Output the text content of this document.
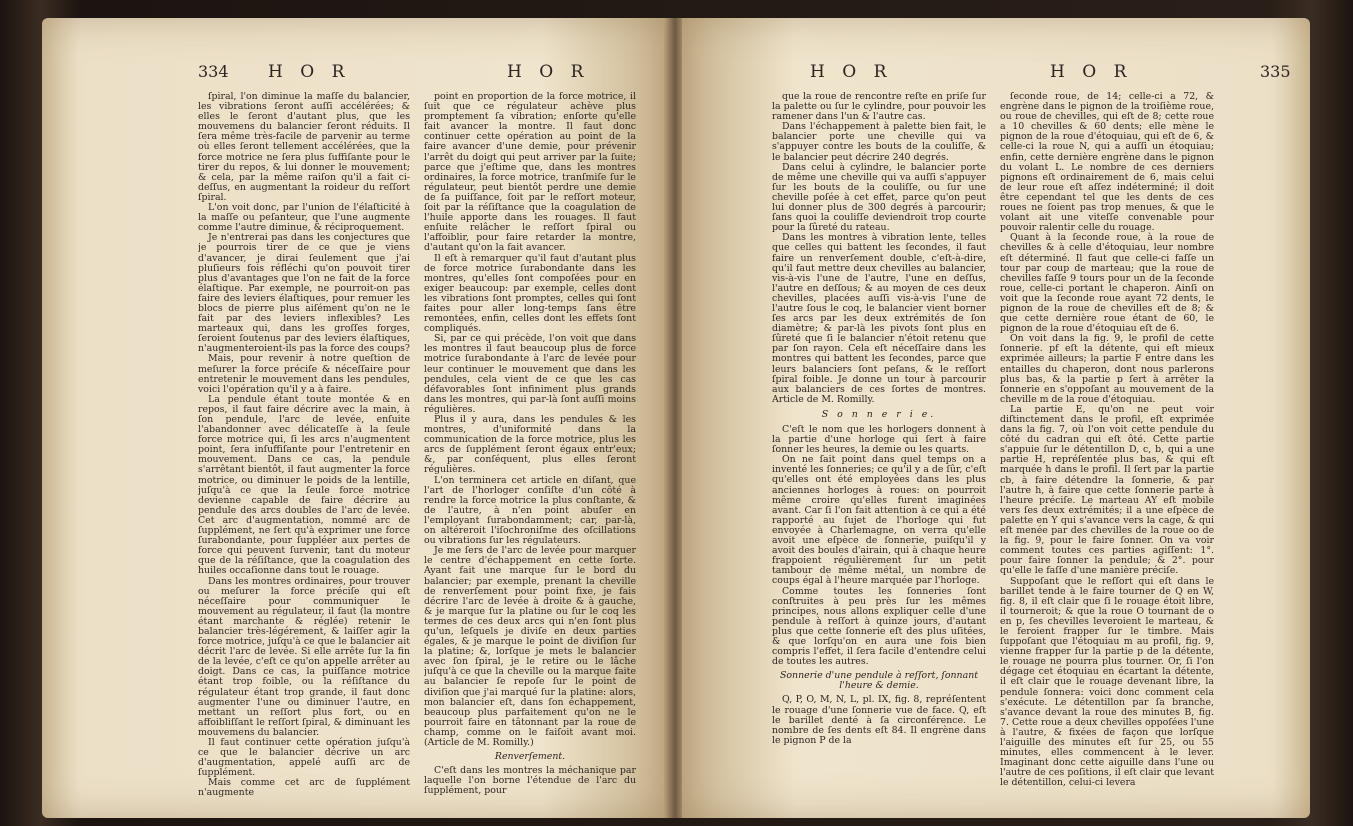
334 H O R	H O R

ſpiral, l'on diminue la maſſe du balancier, les vibrations ſeront auſſi accélérées; & elles le ſeront d'autant plus, que les mouvemens du balancier ſeront réduits. Il ſera même très-facile de parvenir au terme où elles ſeront tellement accélérées, que la force motrice ne ſera plus ſuffiſante pour le tirer du repos, & lui donner le mouvement; & cela, par la même raiſon qu'il a fait ci-deſſus, en augmentant la roideur du reſſort ſpiral.

L'on voit donc, par l'union de l'élaſticité à la maſſe ou peſanteur, que l'une augmente comme l'autre diminue, & réciproquement.

Je n'entrerai pas dans les conjectures que je pourrois tirer de ce que je viens d'avancer, je dirai ſeulement que j'ai pluſieurs fois réfléchi qu'on pouvoit tirer plus d'avantages que l'on ne fait de la force élaſtique. Par exemple, ne pourroit-on pas faire des leviers élaſtiques, pour remuer les blocs de pierre plus aiſément qu'on ne le fait par des leviers inflexibles? Les marteaux qui, dans les groſſes forges, ſeroient ſoutenus par des leviers élaſtiques, n'augmenteroient-ils pas la force des coups?

Mais, pour revenir à notre queſtion de meſurer la force préciſe & néceſſaire pour entretenir le mouvement dans les pendules, voici l'opération qu'il y a à faire.

La pendule étant toute montée & en repos, il faut faire décrire avec la main, à ſon pendule, l'arc de levée, enſuite l'abandonner avec délicateſſe à la ſeule force motrice qui, ſi les arcs n'augmentent point, ſera inſuffiſante pour l'entretenir en mouvement. Dans ce cas, la pendule s'arrêtant bientôt, il faut augmenter la force motrice, ou diminuer le poids de la lentille, juſqu'à ce que la ſeule force motrice devienne capable de faire décrire au pendule des arcs doubles de l'arc de levée. Cet arc d'augmentation, nommé arc de ſupplément, ne ſert qu'à exprimer une force ſurabondante, pour ſuppléer aux pertes de force qui peuvent ſurvenir, tant du moteur que de la réſiſtance, que la coagulation des huiles occaſionne dans tout le rouage.

Dans les montres ordinaires, pour trouver ou meſurer la force préciſe qui eſt néceſſaire pour communiquer le mouvement au régulateur, il faut (la montre étant marchante & réglée) retenir le balancier très-légérement, & laiſſer agir la force motrice, juſqu'à ce que le balancier ait décrit l'arc de levée. Si elle arrête ſur la fin de la levée, c'eſt ce qu'on appelle arrêter au doigt. Dans ce cas, la puiſſance motrice étant trop foible, ou la réſiſtance du régulateur étant trop grande, il faut donc augmenter l'une ou diminuer l'autre, en mettant un reſſort plus fort, ou en affoibliſſant le reſſort ſpiral, & diminuant les mouvemens du balancier.

Il faut continuer cette opération juſqu'à ce que le balancier décrive un arc d'augmentation, appelé auſſi arc de ſupplément.

Mais comme cet arc de ſupplément n'augmente

point en proportion de la force motrice, il ſuit que ce régulateur achève plus promptement ſa vibration; enſorte qu'elle fait avancer la montre. Il faut donc continuer cette opération au point de la faire avancer d'une demie, pour prévenir l'arrêt du doigt qui peut arriver par la ſuite; parce que j'eſtime que, dans les montres ordinaires, la force motrice, tranſmiſe ſur le régulateur, peut bientôt perdre une demie de ſa puiſſance, ſoit par le reſſort moteur, ſoit par la réſiſtance que la coagulation de l'huile apporte dans les rouages. Il faut enſuite relâcher le reſſort ſpiral ou l'affoiblir, pour faire retarder la montre, d'autant qu'on la fait avancer.

Il eſt à remarquer qu'il faut d'autant plus de force motrice ſurabondante dans les montres, qu'elles ſont compoſées pour en exiger beaucoup: par exemple, celles dont les vibrations ſont promptes, celles qui ſont faites pour aller long-temps ſans être remontées, enfin, celles dont les effets ſont compliqués.

Si, par ce qui précède, l'on voit que dans les montres il faut beaucoup plus de force motrice ſurabondante à l'arc de levée pour leur continuer le mouvement que dans les pendules, cela vient de ce que les cas défavorables ſont infiniment plus grands dans les montres, qui par-là ſont auſſi moins régulières.

Plus il y aura, dans les pendules & les montres, d'uniformité dans la communication de la force motrice, plus les arcs de ſupplément ſeront égaux entr'eux; &, par conſéquent, plus elles ſeront régulières.

L'on terminera cet article en diſant, que l'art de l'horloger conſiſte d'un côté à rendre la force motrice la plus conſtante, & de l'autre, à n'en point abuſer en l'employant ſurabondamment; car, par-là, on altéreroit l'iſochroniſme des oſcillations ou vibrations ſur les régulateurs.

Je me ſers de l'arc de levée pour marquer le centre d'échappement en cette ſorte. Ayant fait une marque ſur le bord du balancier; par exemple, prenant la cheville de renverſement pour point fixe, je fais décrire l'arc de levée à droite & à gauche, & je marque ſur la platine ou ſur le coq les termes de ces deux arcs qui n'en ſont plus qu'un, leſquels je diviſe en deux parties égales, & je marque le point de diviſion ſur la platine; &, lorſque je mets le balancier avec ſon ſpiral, je le retire ou le lâche juſqu'à ce que la cheville ou la marque faite au balancier ſe repoſe ſur le point de diviſion que j'ai marqué ſur la platine: alors, mon balancier eſt, dans ſon échappement, beaucoup plus parfaitement qu'on ne le pourroit faire en tâtonnant par la roue de champ, comme on le faiſoit avant moi. (Article de M. Romilly.)

Renverſement.

C'eſt dans les montres la méchanique par laquelle l'on borne l'étendue de l'arc du ſupplément, pour

H O R	H O R	335

que la roue de rencontre reſte en priſe ſur la palette ou ſur le cylindre, pour pouvoir les ramener dans l'un & l'autre cas.

Dans l'échappement à palette bien fait, le balancier porte une cheville qui va s'appuyer contre les bouts de la couliſſe, & le balancier peut décrire 240 degrés.

Dans celui à cylindre, le balancier porte de même une cheville qui va auſſi s'appuyer ſur les bouts de la couliſſe, ou ſur une cheville poſée à cet effet, parce qu'on peut lui donner plus de 300 degrés à parcourir; ſans quoi la couliſſe deviendroit trop courte pour la ſûreté du rateau.

Dans les montres à vibration lente, telles que celles qui battent les ſecondes, il faut faire un renverſement double, c'eſt-à-dire, qu'il faut mettre deux chevilles au balancier, vis-à-vis l'une de l'autre, l'une en deſſus, l'autre en deſſous; & au moyen de ces deux chevilles, placées auſſi vis-à-vis l'une de l'autre ſous le coq, le balancier vient borner ſes arcs par les deux extrémités de ſon diamètre; & par-là les pivots ſont plus en ſûreté que ſi le balancier n'étoit retenu que par ſon rayon. Cela eſt néceſſaire dans les montres qui battent les ſecondes, parce que leurs balanciers ſont peſans, & le reſſort ſpiral foible. Je donne un tour à parcourir aux balanciers de ces ſortes de montres. Article de M. Romilly.

S o n n e r i e.

C'eſt le nom que les horlogers donnent à la partie d'une horloge qui ſert à faire ſonner les heures, la demie ou les quarts.

On ne ſait point dans quel temps on a inventé les ſonneries; ce qu'il y a de ſûr, c'eſt qu'elles ont été employées dans les plus anciennes horloges à roues: on pourroit même croire qu'elles furent imaginées avant. Car ſi l'on fait attention à ce qui a été rapporté au ſujet de l'horloge qui fut envoyée à Charlemagne, on verra qu'elle avoit une eſpèce de ſonnerie, puiſqu'il y avoit des boules d'airain, qui à chaque heure frappoient régulièrement ſur un petit tambour de même métal, un nombre de coups égal à l'heure marquée par l'horloge.

Comme toutes les ſonneries ſont conſtruites à peu près ſur les mêmes principes, nous allons expliquer celle d'une pendule à reſſort à quinze jours, d'autant plus que cette ſonnerie eſt des plus uſitées, & que lorſqu'on en aura une fois bien compris l'effet, il ſera facile d'entendre celui de toutes les autres.

Sonnerie d'une pendule à reſſort, ſonnant l'heure & demie.

Q, P, O, M, N, L, pl. IX, fig. 8, repréſentent le rouage d'une ſonnerie vue de face. Q, eſt le barillet denté à ſa circonférence. Le nombre de ſes dents eſt 84. Il engrène dans le pignon P de la

ſeconde roue, de 14; celle-ci a 72, & engrène dans le pignon de la troiſième roue, ou roue de chevilles, qui eſt de 8; cette roue a 10 chevilles & 60 dents; elle mène le pignon de la roue d'étoquiau, qui eſt de 6, & celle-ci la roue N, qui a auſſi un étoquiau; enfin, cette dernière engrène dans le pignon du volant L. Le nombre de ces derniers pignons eſt ordinairement de 6, mais celui de leur roue eſt aſſez indéterminé; il doit être cependant tel que les dents de ces roues ne ſoient pas trop menues, & que le volant ait une viteſſe convenable pour pouvoir ralentir celle du rouage.

Quant à la ſeconde roue, à la roue de chevilles & à celle d'étoquiau, leur nombre eſt déterminé. Il faut que celle-ci faſſe un tour par coup de marteau; que la roue de chevilles faſſe 9 tours pour un de la ſeconde roue, celle-ci portant le chaperon. Ainſi on voit que la ſeconde roue ayant 72 dents, le pignon de la roue de chevilles eſt de 8; & que cette dernière roue étant de 60, le pignon de la roue d'étoquiau eſt de 6.

On voit dans la fig. 9, le profil de cette ſonnerie. pf eſt la détente, qui eſt mieux exprimée ailleurs; la partie F entre dans les entailles du chaperon, dont nous parlerons plus bas, & la partie p ſert à arrêter la ſonnerie en s'oppoſant au mouvement de la cheville m de la roue d'étoquiau.

La partie E, qu'on ne peut voir diſtinctement dans le profil, eſt exprimée dans la fig. 7, où l'on voit cette pendule du côté du cadran qui eſt ôté. Cette partie s'appuie ſur le détentillon D, c, b, qui a une partie H, repréſentée plus bas, & qui eſt marquée h dans le profil. Il ſert par la partie cb, à faire détendre la ſonnerie, & par l'autre h, à faire que cette ſonnerie parte à l'heure préciſe. Le marteau AY eſt mobile vers ſes deux extrémités; il a une eſpèce de palette en Y qui s'avance vers la cage, & qui eſt menée par des chevilles de la roue oo de la fig. 9, pour le faire ſonner. On va voir comment toutes ces parties agiſſent: 1°. pour faire ſonner la pendule; & 2°. pour qu'elle le faſſe d'une manière préciſe.

Suppoſant que le reſſort qui eſt dans le barillet tende à le faire tourner de Q en W, fig. 8, il eſt clair que ſi le rouage étoit libre, il tourneroit; & que la roue O tournant de o en p, ſes chevilles leveroient le marteau, & le feroient frapper ſur le timbre. Mais ſuppoſant que l'étoquiau m au profil, fig. 9, vienne frapper ſur la partie p de la détente, le rouage ne pourra plus tourner. Or, ſi l'on dégage cet étoquiau en écartant la détente, il eſt clair que le rouage devenant libre, la pendule ſonnera: voici donc comment cela s'exécute. Le détentillon par ſa branche, s'avance devant la roue des minutes B, fig. 7. Cette roue a deux chevilles oppoſées l'une à l'autre, & fixées de façon que lorſque l'aiguille des minutes eſt ſur 25, ou 55 minutes, elles commencent à le lever. Imaginant donc cette aiguille dans l'une ou l'autre de ces poſitions, il eſt clair que levant le détentillon, celui-ci levera
